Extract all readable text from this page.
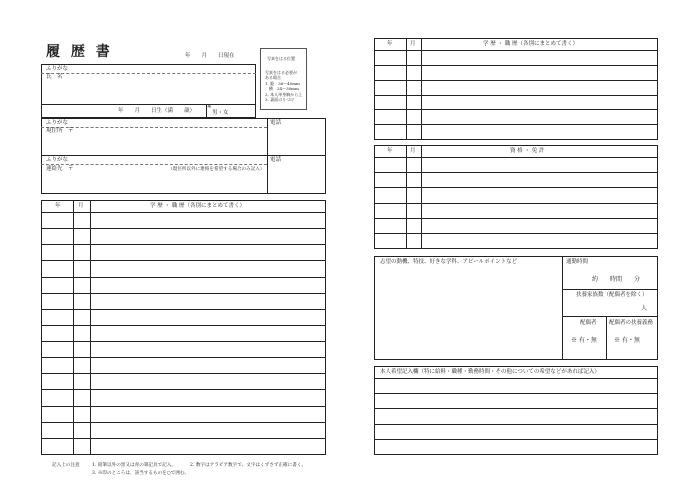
履 歴 書	年　　月　　日現在	写真をはる位置
写真をはる必要が
ある場合
1. 縦　36～40mm
　横　24～30mm
2. 本人単身胸から上
3. 裏面のりづけ
ふりがな
氏　名
年　　月　　日生（満　　歳）
※
男・女
ふりがな
現住所　〒
電話
ふりがな
連絡先　〒	（現住所以外に連絡を希望する場合のみ記入）
電話
年	月	学 歴 ・ 職 歴（各別にまとめて書く）
記入上の注意	1. 鉛筆以外の黒又は青の筆記具で記入。	2. 数字はアラビア数字で、文字はくずさず正確に書く。
3. ※印のところは、該当するものを○で囲む。
年	月	学 歴 ・ 職 歴（各別にまとめて書く）
年	月	資 格 ・ 免 許
志望の動機、特技、好きな学科、アピールポイントなど	通勤時間
約　　時間　　分
扶養家族数（配偶者を除く）
人
配偶者
※ 有・無
配偶者の扶養義務
※ 有・無
本人希望記入欄（特に給料・職種・勤務時間・その他についての希望などがあれば記入）
